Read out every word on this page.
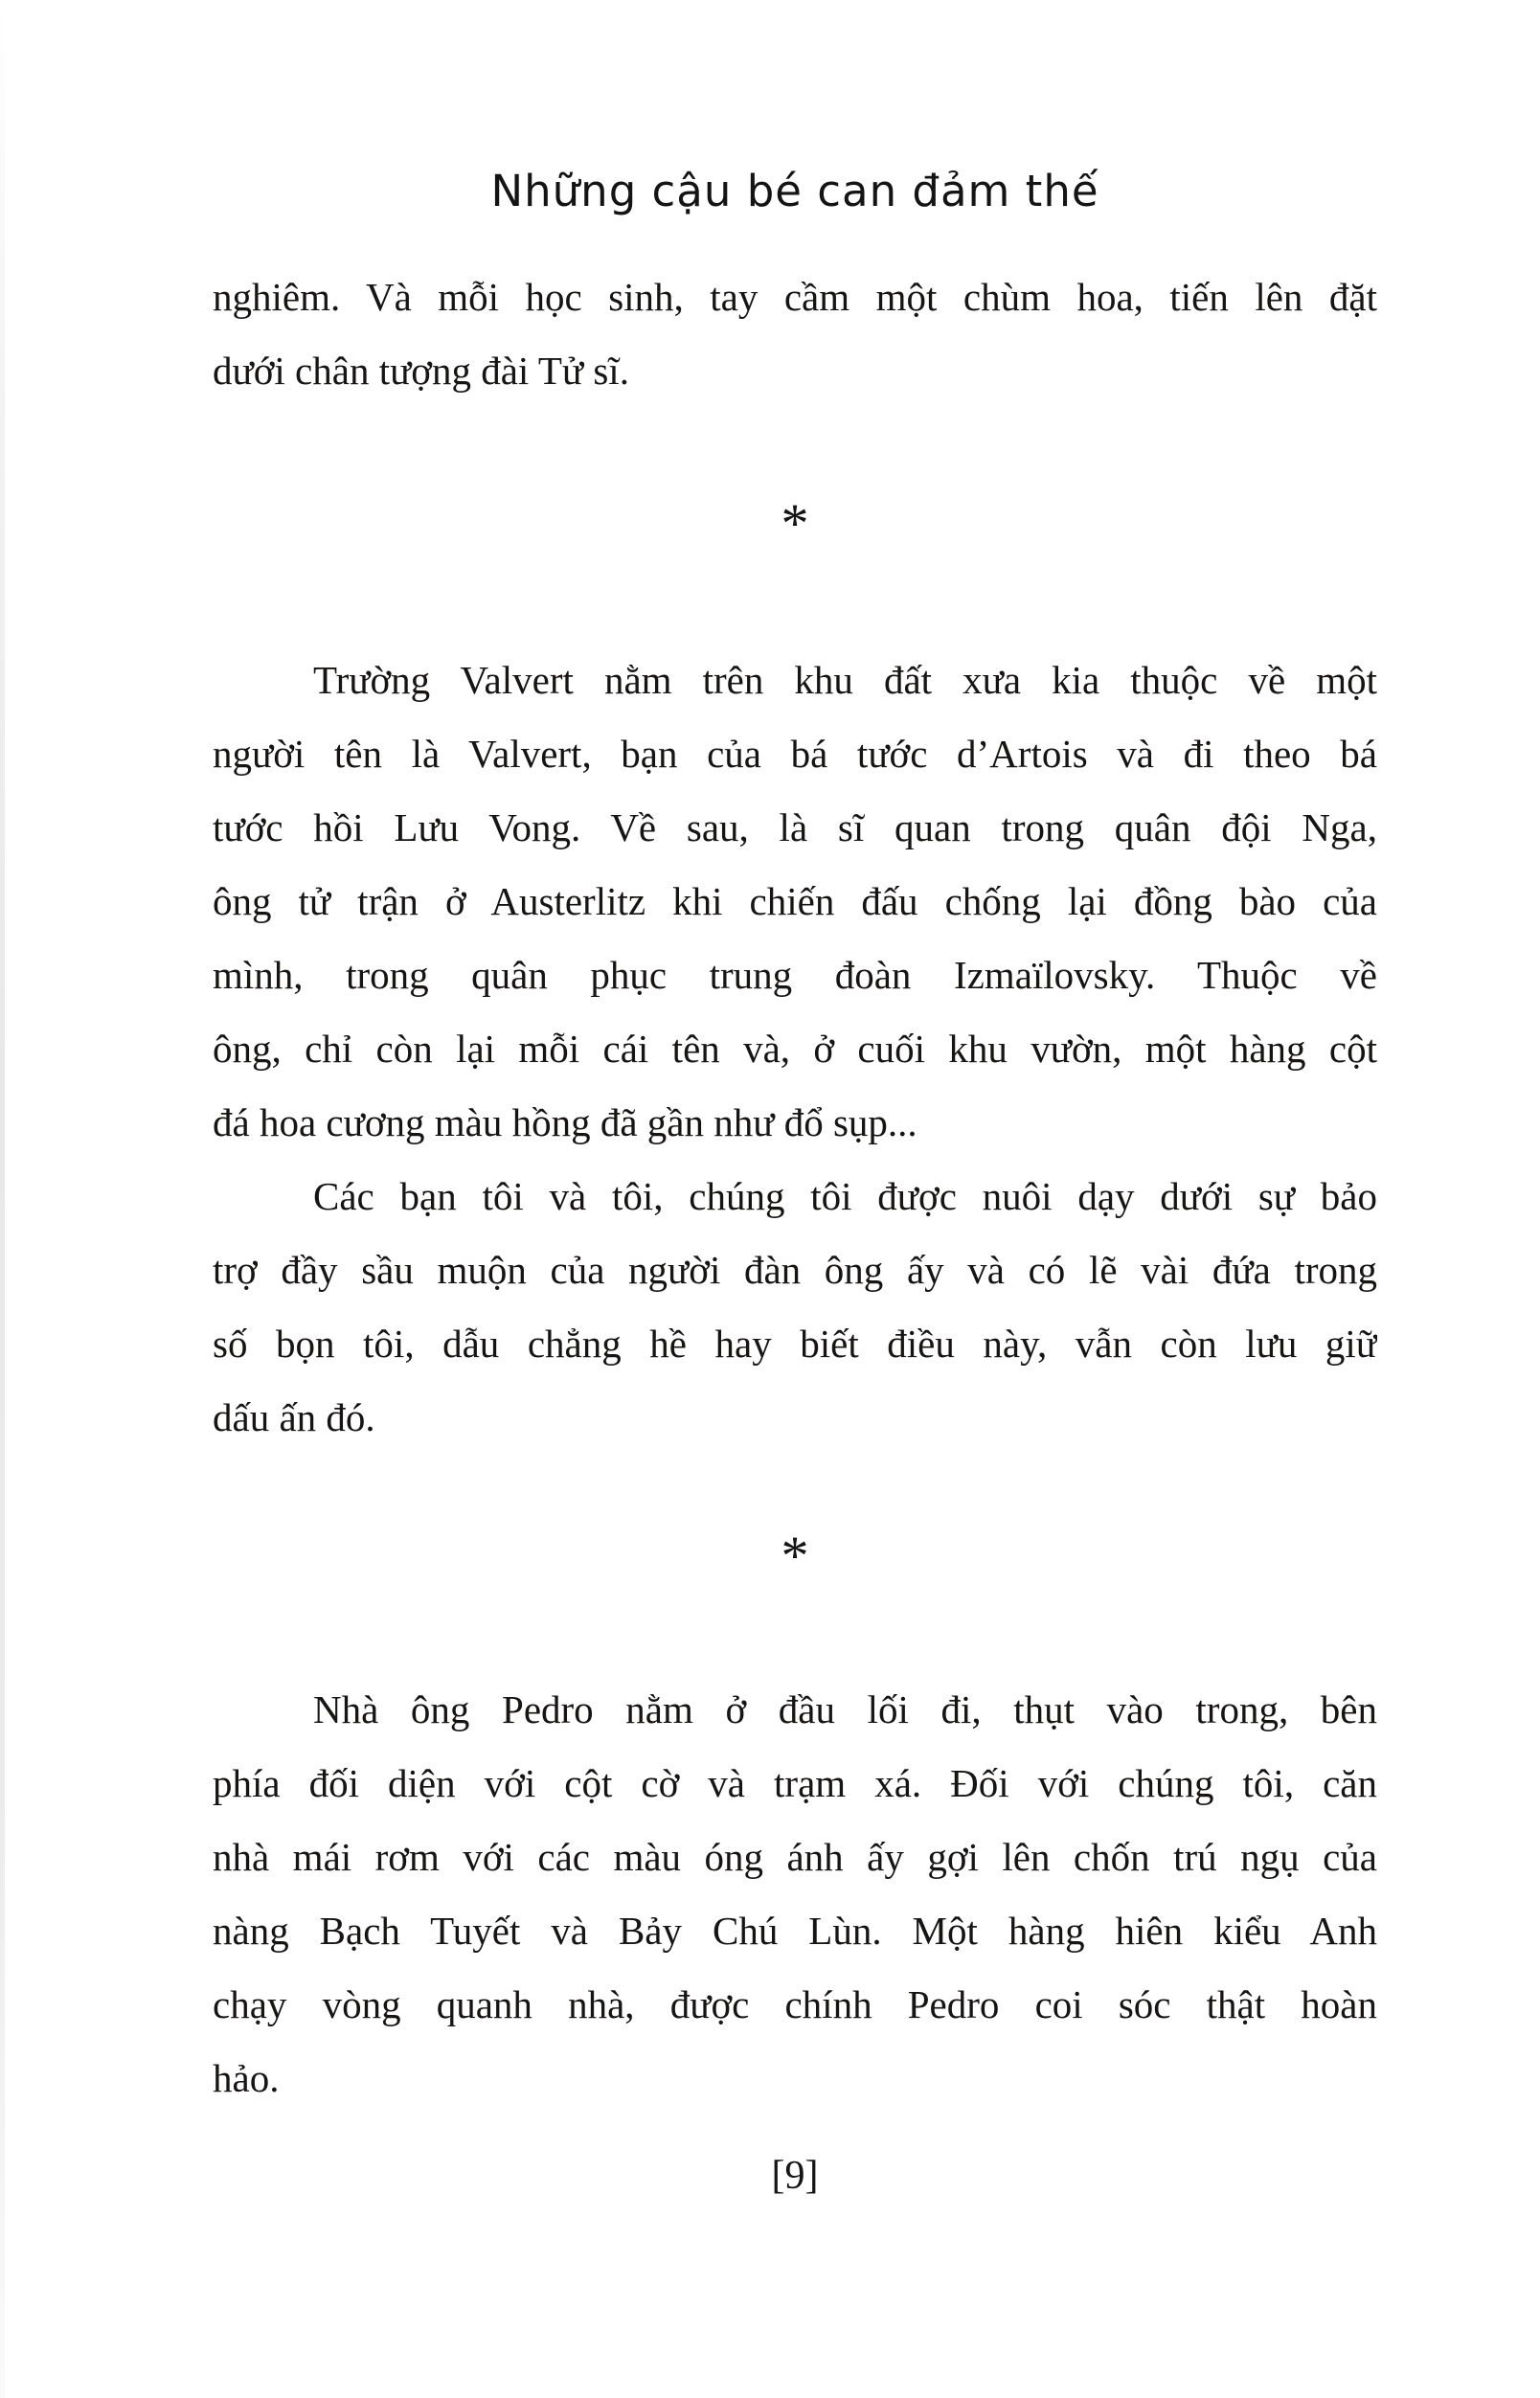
Những cậu bé can đảm thế
nghiêm. Và mỗi học sinh, tay cầm một chùm hoa, tiến lên đặt
dưới chân tượng đài Tử sĩ.
*
Trường Valvert nằm trên khu đất xưa kia thuộc về một
người tên là Valvert, bạn của bá tước d’Artois và đi theo bá
tước hồi Lưu Vong. Về sau, là sĩ quan trong quân đội Nga,
ông tử trận ở Austerlitz khi chiến đấu chống lại đồng bào của
mình, trong quân phục trung đoàn Izmaïlovsky. Thuộc về
ông, chỉ còn lại mỗi cái tên và, ở cuối khu vườn, một hàng cột
đá hoa cương màu hồng đã gần như đổ sụp...
Các bạn tôi và tôi, chúng tôi được nuôi dạy dưới sự bảo
trợ đầy sầu muộn của người đàn ông ấy và có lẽ vài đứa trong
số bọn tôi, dẫu chẳng hề hay biết điều này, vẫn còn lưu giữ
dấu ấn đó.
*
Nhà ông Pedro nằm ở đầu lối đi, thụt vào trong, bên
phía đối diện với cột cờ và trạm xá. Đối với chúng tôi, căn
nhà mái rơm với các màu óng ánh ấy gợi lên chốn trú ngụ của
nàng Bạch Tuyết và Bảy Chú Lùn. Một hàng hiên kiểu Anh
chạy vòng quanh nhà, được chính Pedro coi sóc thật hoàn
hảo.
[9]
